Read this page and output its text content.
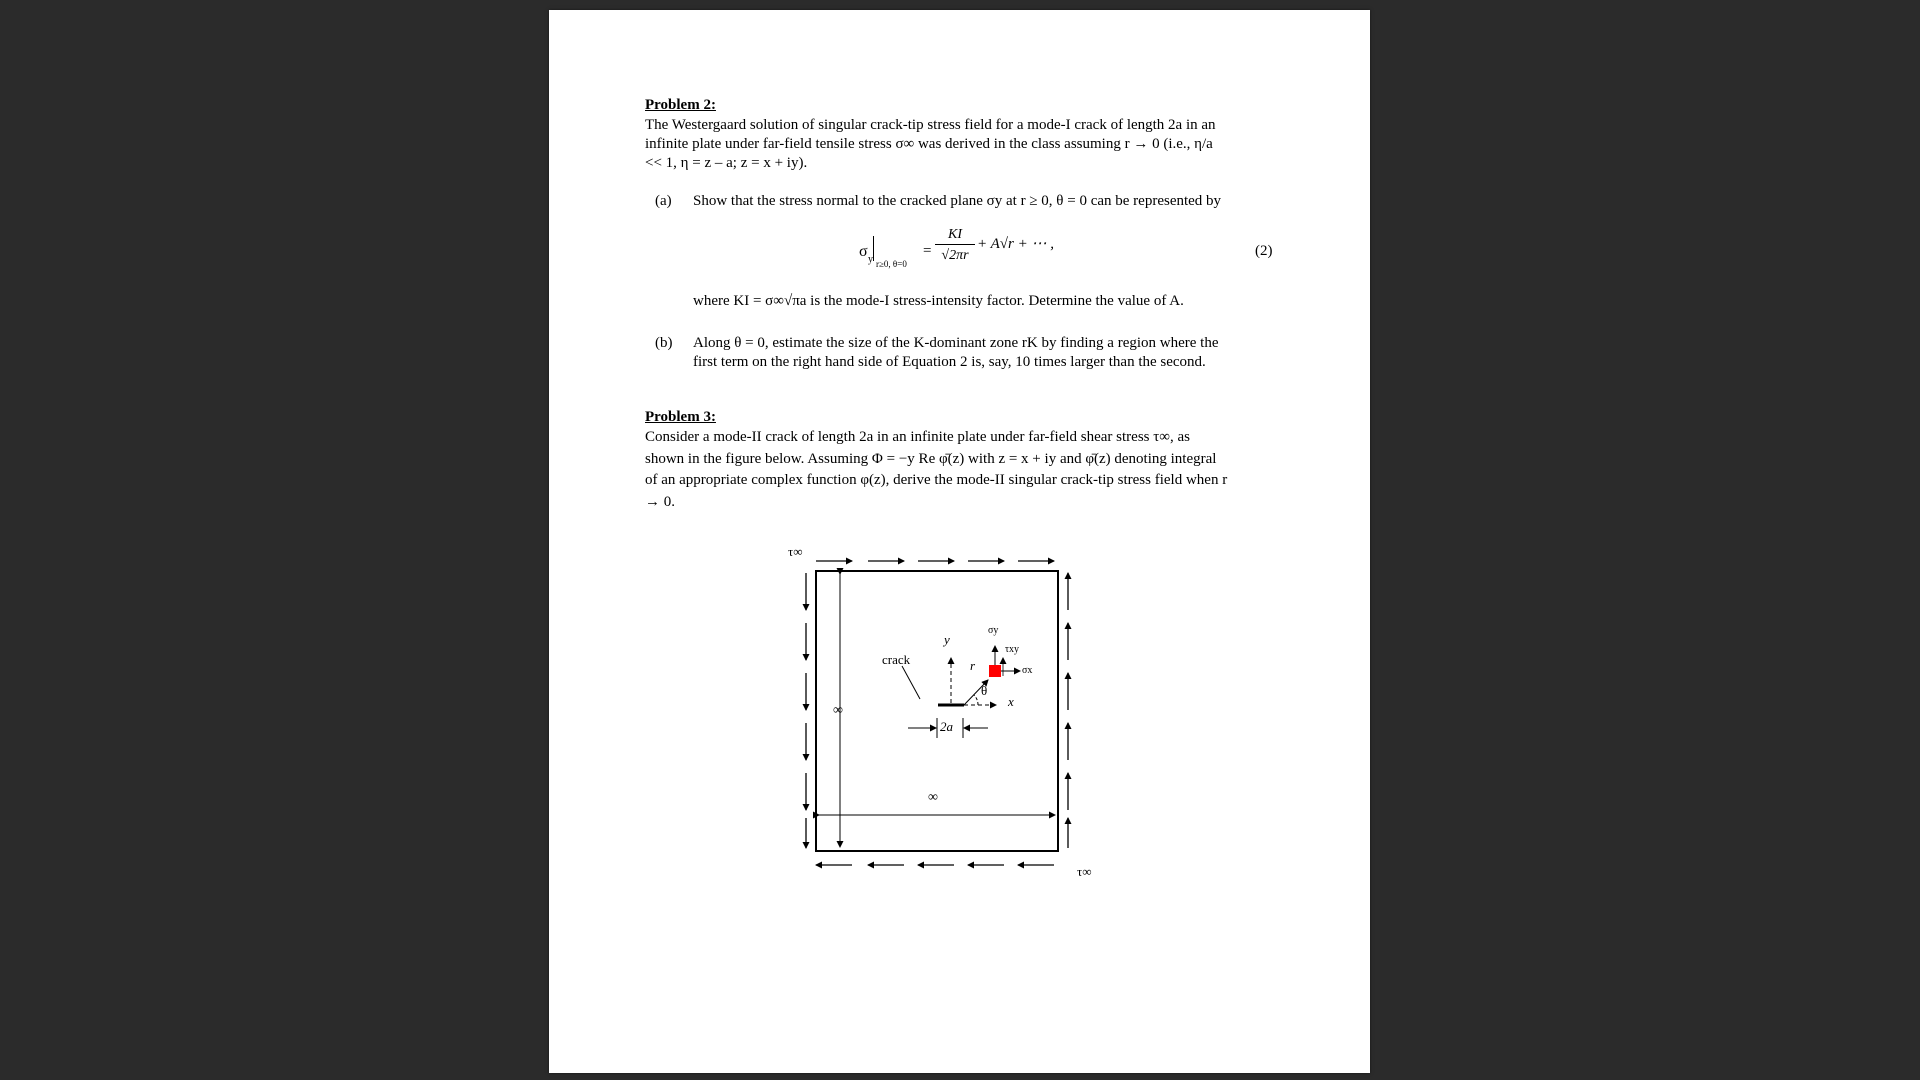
Problem 2:
The Westergaard solution of singular crack-tip stress field for a mode-I crack of length 2a in an
infinite plate under far-field tensile stress σ∞ was derived in the class assuming r → 0 (i.e., η/a
<< 1, η = z – a; z = x + iy).
(a) Show that the stress normal to the cracked plane σy at r ≥ 0, θ = 0 can be represented by
σ y r≥0, θ=0
=
KI
√2πr
+ A√r + ⋯ ,	(2)
where KI = σ∞√πa is the mode-I stress-intensity factor. Determine the value of A.
(b) Along θ = 0, estimate the size of the K-dominant zone rK by finding a region where the
first term on the right hand side of Equation 2 is, say, 10 times larger than the second.
Problem 3:
Consider a mode-II crack of length 2a in an infinite plate under far-field shear stress τ∞, as
shown in the figure below. Assuming Φ = −y Re φ̄(z) with z = x + iy and φ̄(z) denoting integral
of an appropriate complex function φ(z), derive the mode-II singular crack-tip stress field when r
→ 0.
τ∞
τ∞
∞
∞
crack
y
x
r
θ
σy
τxy
σx
2a
